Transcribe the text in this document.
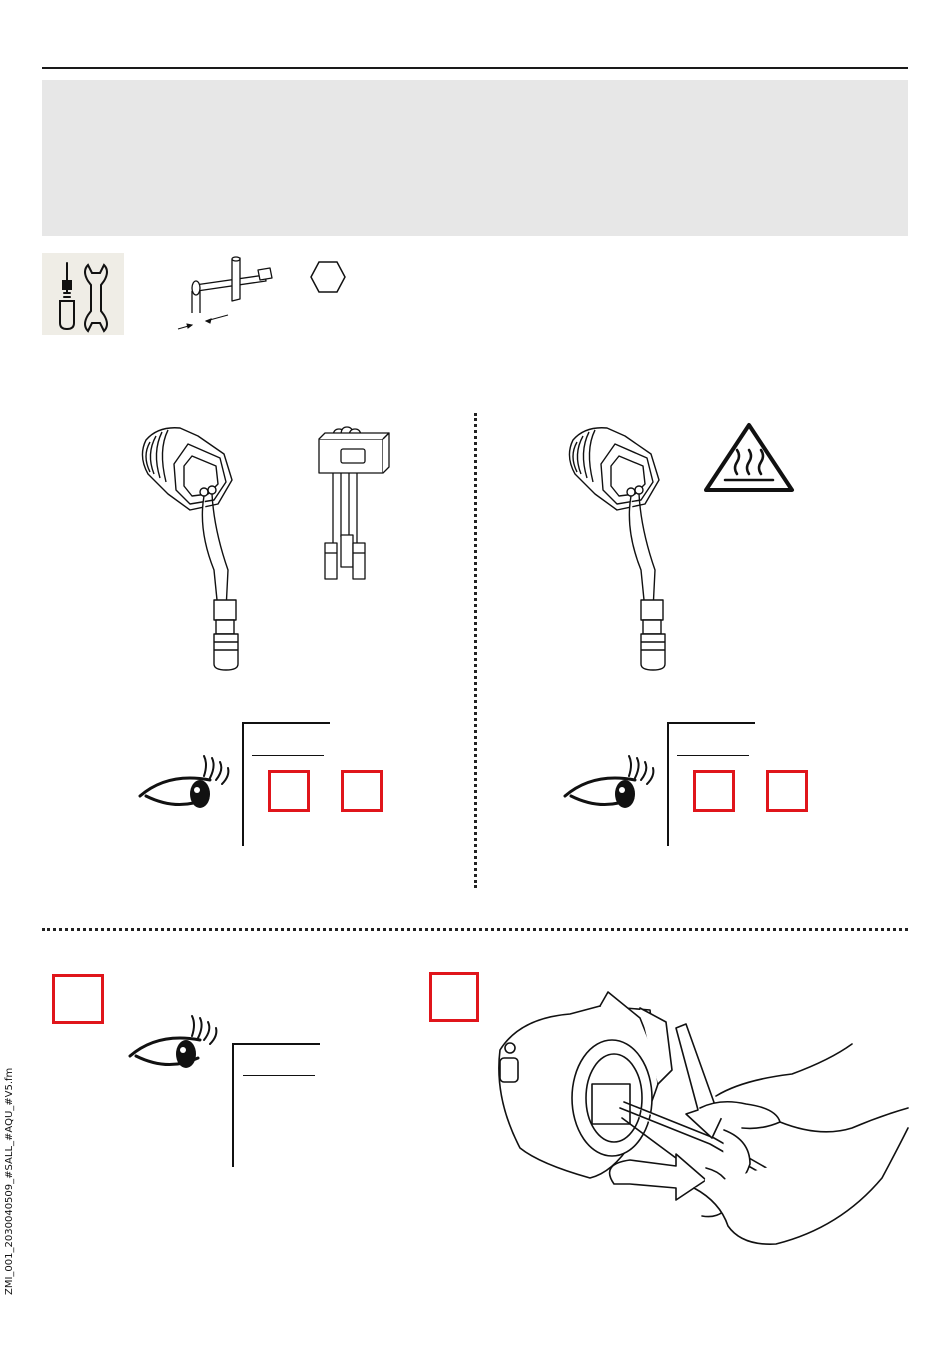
ZMI_001_2030040509_#SALL_#AQU_#V5.fm
